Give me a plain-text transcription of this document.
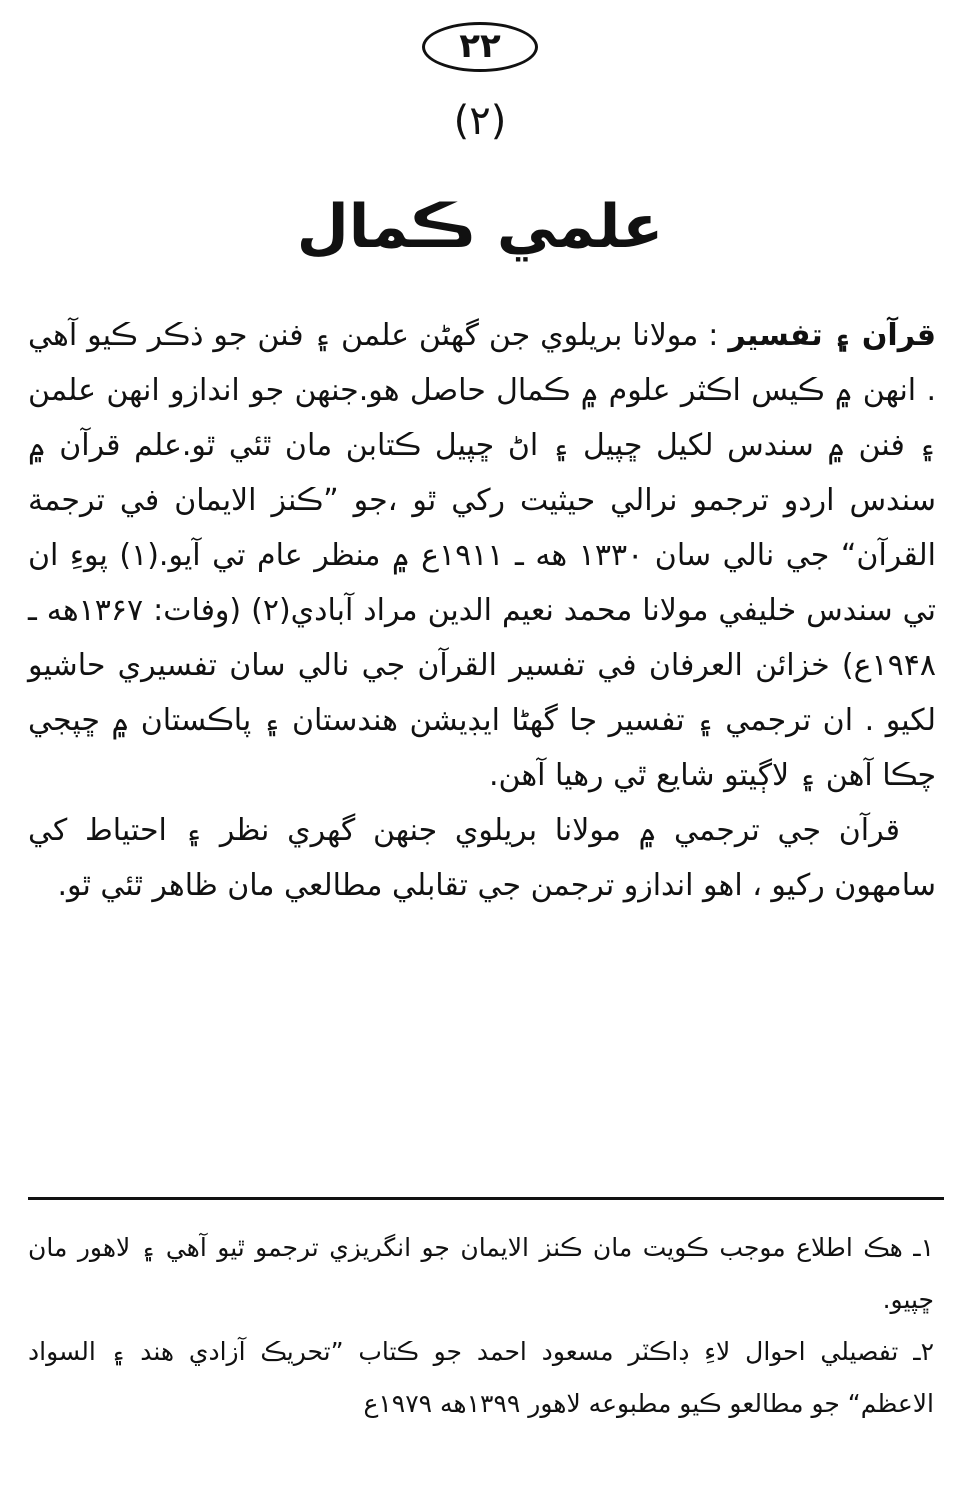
۲۲
(۲)
علمي ڪمال

قرآن ۽ تفسير : مولانا بريلوي جن گھڻن علمن ۽ فنن جو ذڪر ڪيو آهي . انهن ۾ ڪيس اڪثر علوم ۾ ڪمال حاصل هو.جنهن جو اندازو انهن علمن ۽ فنن ۾ سندس لکيل ڇپيل ۽ اڻ ڇپيل ڪتابن مان ٿئي ٿو.علم قرآن ۾ سندس اردو ترجمو نرالي حيثيت رکي ٿو ،جو ”ڪنز الايمان في ترجمة القرآن“ جي نالي سان ۱۳۳۰ هه ـ ۱۹۱۱ع ۾ منظر عام تي آيو.(۱) پوءِ ان تي سندس خليفي مولانا محمد نعيم الدين مراد آبادي(۲) (وفات: ۱۳۶۷هه ـ ۱۹۴۸ع) خزائن العرفان في تفسير القرآن جي نالي سان تفسيري حاشيو لکيو . ان ترجمي ۽ تفسير جا گھڻا ايڊيشن هندستان ۽ پاڪستان ۾ ڇپجي چڪا آهن ۽ لاڳيتو شايع ٿي رهيا آهن.

قرآن جي ترجمي ۾ مولانا بريلوي جنهن گهري نظر ۽ احتياط کي سامهون رکيو ، اهو اندازو ترجمن جي تقابلي مطالعي مان ظاهر ٿئي ٿو.

۱ـ هڪ اطلاع موجب ڪويت مان ڪنز الايمان جو انگريزي ترجمو ٿيو آهي ۽ لاهور مان ڇپيو.

۲ـ تفصيلي احوال لاءِ ڊاڪٽر مسعود احمد جو ڪتاب ”تحريڪ آزادي هند ۽ السواد الاعظم“ جو مطالعو ڪيو مطبوعه لاهور ۱۳۹۹هه ۱۹۷۹ع
